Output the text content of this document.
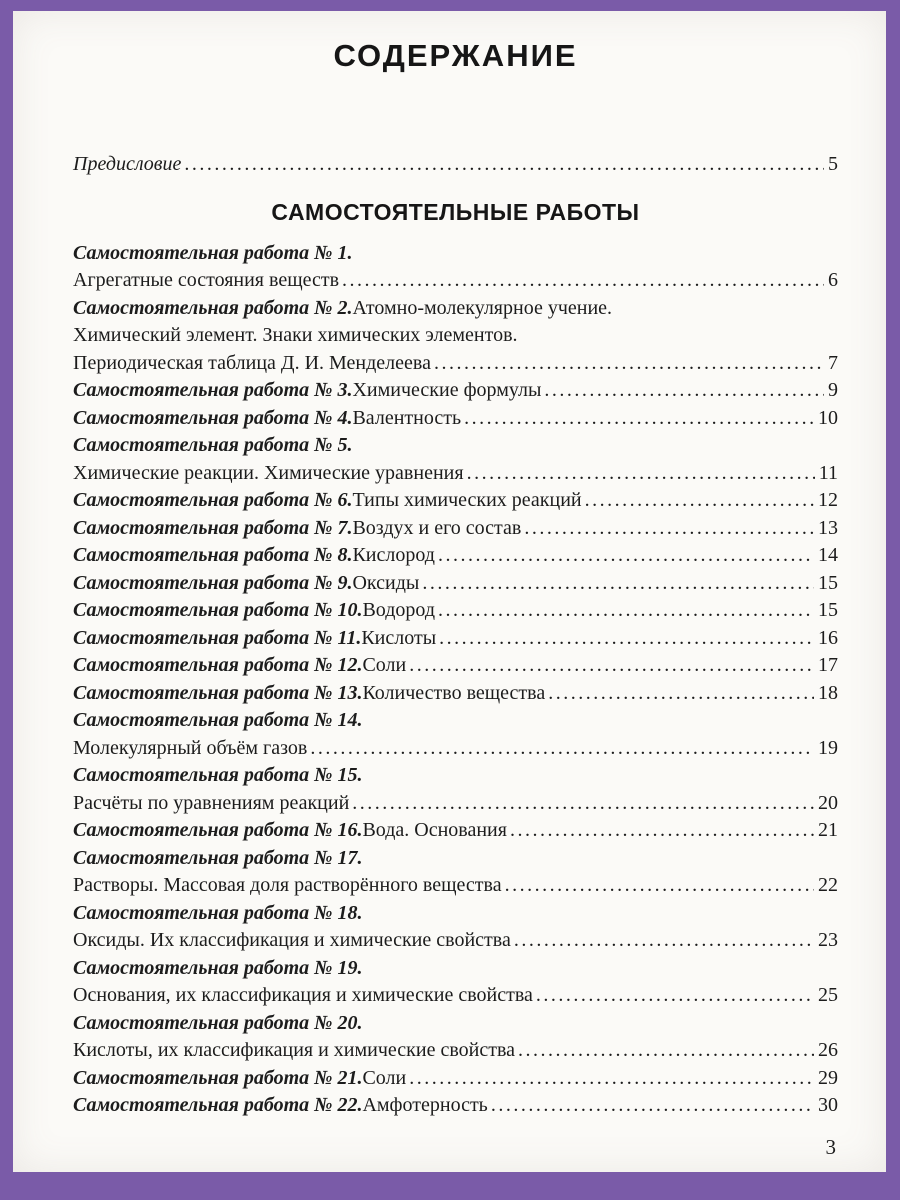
СОДЕРЖАНИЕ
Предисловие .....	5
САМОСТОЯТЕЛЬНЫЕ РАБОТЫ
Самостоятельная работа № 1.
Агрегатные состояния веществ .....	6
Самостоятельная работа № 2. Атомно-молекулярное учение.
Химический элемент. Знаки химических элементов.
Периодическая таблица Д. И. Менделеева .....	7
Самостоятельная работа № 3. Химические формулы .....	9
Самостоятельная работа № 4. Валентность .....	10
Самостоятельная работа № 5.
Химические реакции. Химические уравнения .....	11
Самостоятельная работа № 6. Типы химических реакций .....	12
Самостоятельная работа № 7. Воздух и его состав .....	13
Самостоятельная работа № 8. Кислород .....	14
Самостоятельная работа № 9. Оксиды .....	15
Самостоятельная работа № 10. Водород .....	15
Самостоятельная работа № 11. Кислоты .....	16
Самостоятельная работа № 12. Соли .....	17
Самостоятельная работа № 13. Количество вещества .....	18
Самостоятельная работа № 14.
Молекулярный объём газов .....	19
Самостоятельная работа № 15.
Расчёты по уравнениям реакций .....	20
Самостоятельная работа № 16. Вода. Основания .....	21
Самостоятельная работа № 17.
Растворы. Массовая доля растворённого вещества .....	22
Самостоятельная работа № 18.
Оксиды. Их классификация и химические свойства .....	23
Самостоятельная работа № 19.
Основания, их классификация и химические свойства .....	25
Самостоятельная работа № 20.
Кислоты, их классификация и химические свойства .....	26
Самостоятельная работа № 21. Соли .....	29
Самостоятельная работа № 22. Амфотерность .....	30
3
